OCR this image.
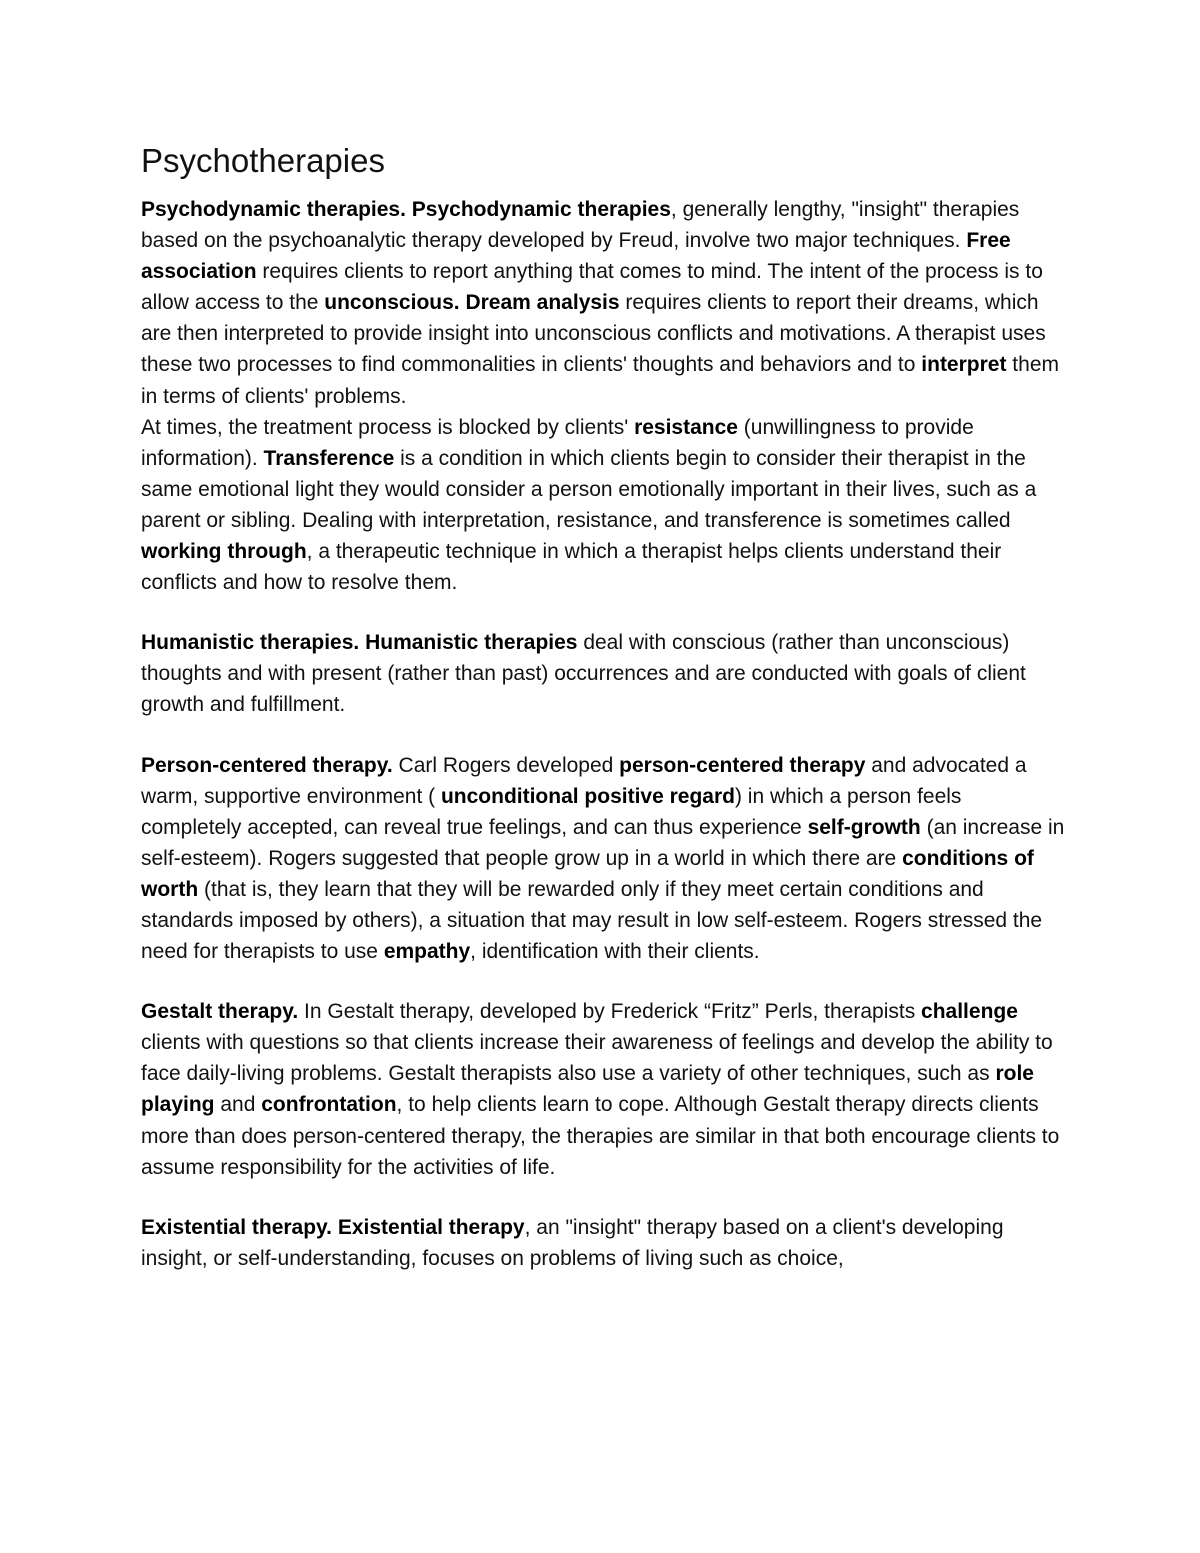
Psychotherapies

Psychodynamic therapies. Psychodynamic therapies, generally lengthy, "insight" therapies based on the psychoanalytic therapy developed by Freud, involve two major techniques. Free association requires clients to report anything that comes to mind. The intent of the process is to allow access to the unconscious. Dream analysis requires clients to report their dreams, which are then interpreted to provide insight into unconscious conflicts and motivations. A therapist uses these two processes to find commonalities in clients' thoughts and behaviors and to interpret them in terms of clients' problems.

At times, the treatment process is blocked by clients' resistance (unwillingness to provide information). Transference is a condition in which clients begin to consider their therapist in the same emotional light they would consider a person emotionally important in their lives, such as a parent or sibling. Dealing with interpretation, resistance, and transference is sometimes called working through, a therapeutic technique in which a therapist helps clients understand their conflicts and how to resolve them.

Humanistic therapies. Humanistic therapies deal with conscious (rather than unconscious) thoughts and with present (rather than past) occurrences and are conducted with goals of client growth and fulfillment.

Person-centered therapy. Carl Rogers developed person-centered therapy and advocated a warm, supportive environment ( unconditional positive regard) in which a person feels completely accepted, can reveal true feelings, and can thus experience self-growth (an increase in self-esteem). Rogers suggested that people grow up in a world in which there are conditions of worth (that is, they learn that they will be rewarded only if they meet certain conditions and standards imposed by others), a situation that may result in low self-esteem. Rogers stressed the need for therapists to use empathy, identification with their clients.

Gestalt therapy. In Gestalt therapy, developed by Frederick “Fritz” Perls, therapists challenge clients with questions so that clients increase their awareness of feelings and develop the ability to face daily-living problems. Gestalt therapists also use a variety of other techniques, such as role playing and confrontation, to help clients learn to cope. Although Gestalt therapy directs clients more than does person-centered therapy, the therapies are similar in that both encourage clients to assume responsibility for the activities of life.

Existential therapy. Existential therapy, an "insight" therapy based on a client's developing insight, or self-understanding, focuses on problems of living such as choice,
